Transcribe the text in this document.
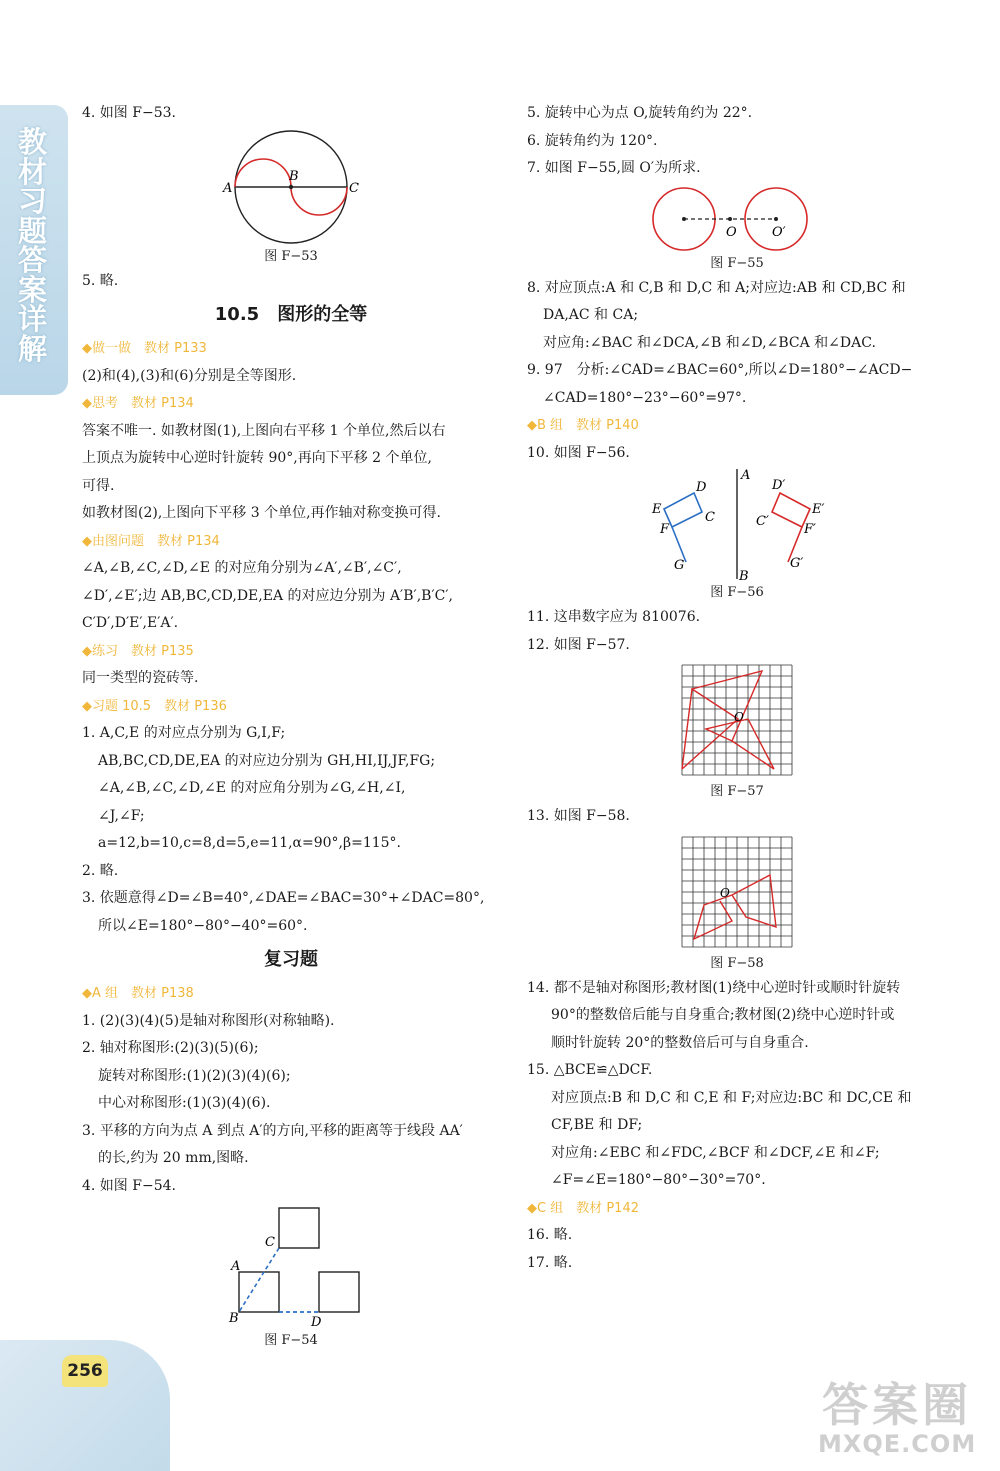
教材习题答案详解
256
答案圈
MXQE.COM
4. 如图 F−53.
A
B
C
图 F−53
5. 略.
10.5　图形的全等
◆做一做　教材 P133
(2)和(4),(3)和(6)分别是全等图形.
◆思考　教材 P134
答案不唯一. 如教材图(1),上图向右平移 1 个单位,然后以右
上顶点为旋转中心逆时针旋转 90°,再向下平移 2 个单位,
可得.
如教材图(2),上图向下平移 3 个单位,再作轴对称变换可得.
◆由图问题　教材 P134
∠A,∠B,∠C,∠D,∠E 的对应角分别为∠A′,∠B′,∠C′,
∠D′,∠E′;边 AB,BC,CD,DE,EA 的对应边分别为 A′B′,B′C′,
C′D′,D′E′,E′A′.
◆练习　教材 P135
同一类型的瓷砖等.
◆习题 10.5　教材 P136
1. A,C,E 的对应点分别为 G,I,F;
AB,BC,CD,DE,EA 的对应边分别为 GH,HI,IJ,JF,FG;
∠A,∠B,∠C,∠D,∠E 的对应角分别为∠G,∠H,∠I,
∠J,∠F;
a=12,b=10,c=8,d=5,e=11,α=90°,β=115°.
2. 略.
3. 依题意得∠D=∠B=40°,∠DAE=∠BAC=30°+∠DAC=80°,
所以∠E=180°−80°−40°=60°.
复习题
◆A 组　教材 P138
1. (2)(3)(4)(5)是轴对称图形(对称轴略).
2. 轴对称图形:(2)(3)(5)(6);
旋转对称图形:(1)(2)(3)(4)(6);
中心对称图形:(1)(3)(4)(6).
3. 平移的方向为点 A 到点 A′的方向,平移的距离等于线段 AA′
的长,约为 20 mm,图略.
4. 如图 F−54.
C
A
B	D
图 F−54
5. 旋转中心为点 O,旋转角约为 22°.
6. 旋转角约为 120°.
7. 如图 F−55,圆 O′为所求.
O	O′
图 F−55
8. 对应顶点:A 和 C,B 和 D,C 和 A;对应边:AB 和 CD,BC 和
DA,AC 和 CA;
对应角:∠BAC 和∠DCA,∠B 和∠D,∠BCA 和∠DAC.
9. 97　分析:∠CAD=∠BAC=60°,所以∠D=180°−∠ACD−
∠CAD=180°−23°−60°=97°.
◆B 组　教材 P140
10. 如图 F−56.
A
B
D
E
F
C
G
D′
E′
F′
C′
G′
图 F−56
11. 这串数字应为 810076.
12. 如图 F−57.
O
图 F−57
13. 如图 F−58.
O
图 F−58
14. 都不是轴对称图形;教材图(1)绕中心逆时针或顺时针旋转
90°的整数倍后能与自身重合;教材图(2)绕中心逆时针或
顺时针旋转 20°的整数倍后可与自身重合.
15. △BCE≌△DCF.
对应顶点:B 和 D,C 和 C,E 和 F;对应边:BC 和 DC,CE 和
CF,BE 和 DF;
对应角:∠EBC 和∠FDC,∠BCF 和∠DCF,∠E 和∠F;
∠F=∠E=180°−80°−30°=70°.
◆C 组　教材 P142
16. 略.
17. 略.
